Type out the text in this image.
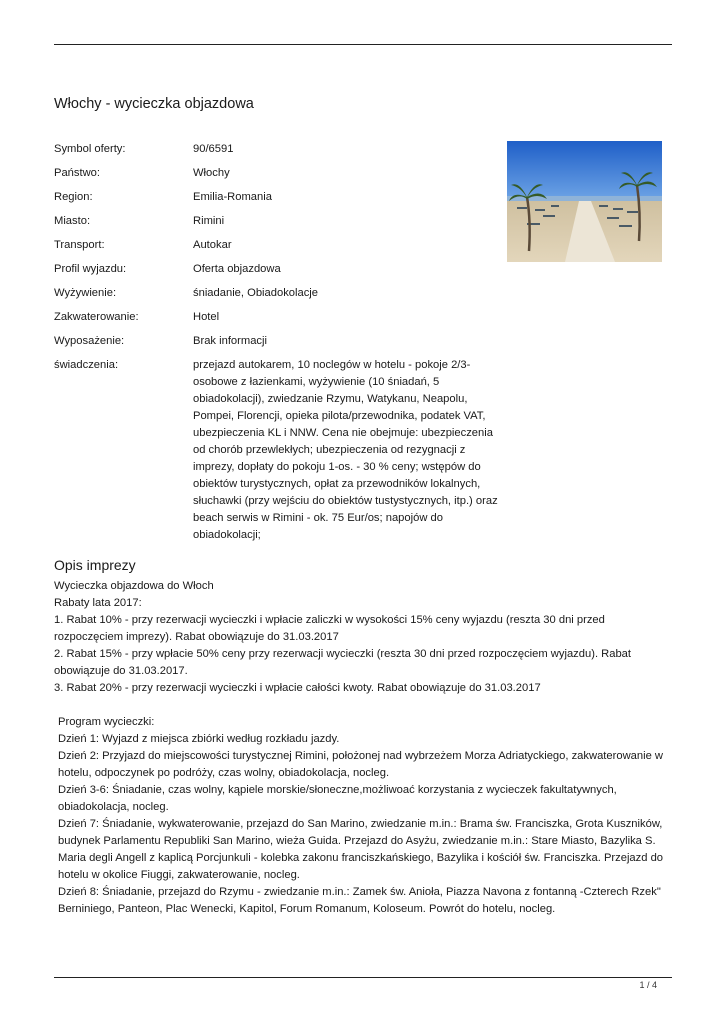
Włochy - wycieczka objazdowa
Symbol oferty:	90/6591
Państwo:	Włochy
Region:	Emilia-Romania
Miasto:	Rimini
Transport:	Autokar
Profil wyjazdu:	Oferta objazdowa
Wyżywienie:	śniadanie, Obiadokolacje
Zakwaterowanie:	Hotel
Wyposażenie:	Brak informacji
świadczenia:	przejazd autokarem, 10 noclegów w hotelu - pokoje 2/3-osobowe z łazienkami, wyżywienie (10 śniadań, 5 obiadokolacji), zwiedzanie Rzymu, Watykanu, Neapolu, Pompei, Florencji, opieka pilota/przewodnika, podatek VAT, ubezpieczenia KL i NNW. Cena nie obejmuje: ubezpieczenia od chorób przewlekłych; ubezpieczenia od rezygnacji z imprezy, dopłaty do pokoju 1-os. - 30 % ceny; wstępów do obiektów turystycznych, opłat za przewodników lokalnych, słuchawki (przy wejściu do obiektów tustystycznych, itp.) oraz beach serwis w Rimini - ok. 75 Eur/os; napojów do obiadokolacji;
Opis imprezy

Wycieczka objazdowa do Włoch

Rabaty lata 2017:

1. Rabat 10% - przy rezerwacji wycieczki i wpłacie zaliczki w wysokości 15% ceny wyjazdu (reszta 30 dni przed rozpoczęciem imprezy). Rabat obowiązuje do 31.03.2017

2. Rabat 15% - przy wpłacie 50% ceny przy rezerwacji wycieczki (reszta 30 dni przed rozpoczęciem wyjazdu). Rabat obowiązuje do 31.03.2017.

3. Rabat 20% - przy rezerwacji wycieczki i wpłacie całości kwoty. Rabat obowiązuje do 31.03.2017

Program wycieczki:

Dzień 1: Wyjazd z miejsca zbiórki według rozkładu jazdy.

Dzień 2: Przyjazd do miejscowości turystycznej Rimini, położonej nad wybrzeżem Morza Adriatyckiego, zakwaterowanie w hotelu, odpoczynek po podróży, czas wolny, obiadokolacja, nocleg.

Dzień 3-6: Śniadanie, czas wolny, kąpiele morskie/słoneczne,możliwoać korzystania z wycieczek fakultatywnych, obiadokolacja, nocleg.

Dzień 7: Śniadanie, wykwaterowanie, przejazd do San Marino, zwiedzanie m.in.: Brama św. Franciszka, Grota Kuszników, budynek Parlamentu Republiki San Marino, wieża Guida. Przejazd do Asyżu, zwiedzanie m.in.: Stare Miasto, Bazylika S. Maria degli Angell z kaplicą Porcjunkuli - kolebka zakonu franciszkańskiego, Bazylika i kościół św. Franciszka. Przejazd do hotelu w okolice Fiuggi, zakwaterowanie, nocleg.

Dzień 8: Śniadanie, przejazd do Rzymu - zwiedzanie m.in.: Zamek św. Anioła, Piazza Navona z fontanną -Czterech Rzek" Berniniego, Panteon, Plac Wenecki, Kapitol, Forum Romanum, Koloseum. Powrót do hotelu, nocleg.

1 / 4
